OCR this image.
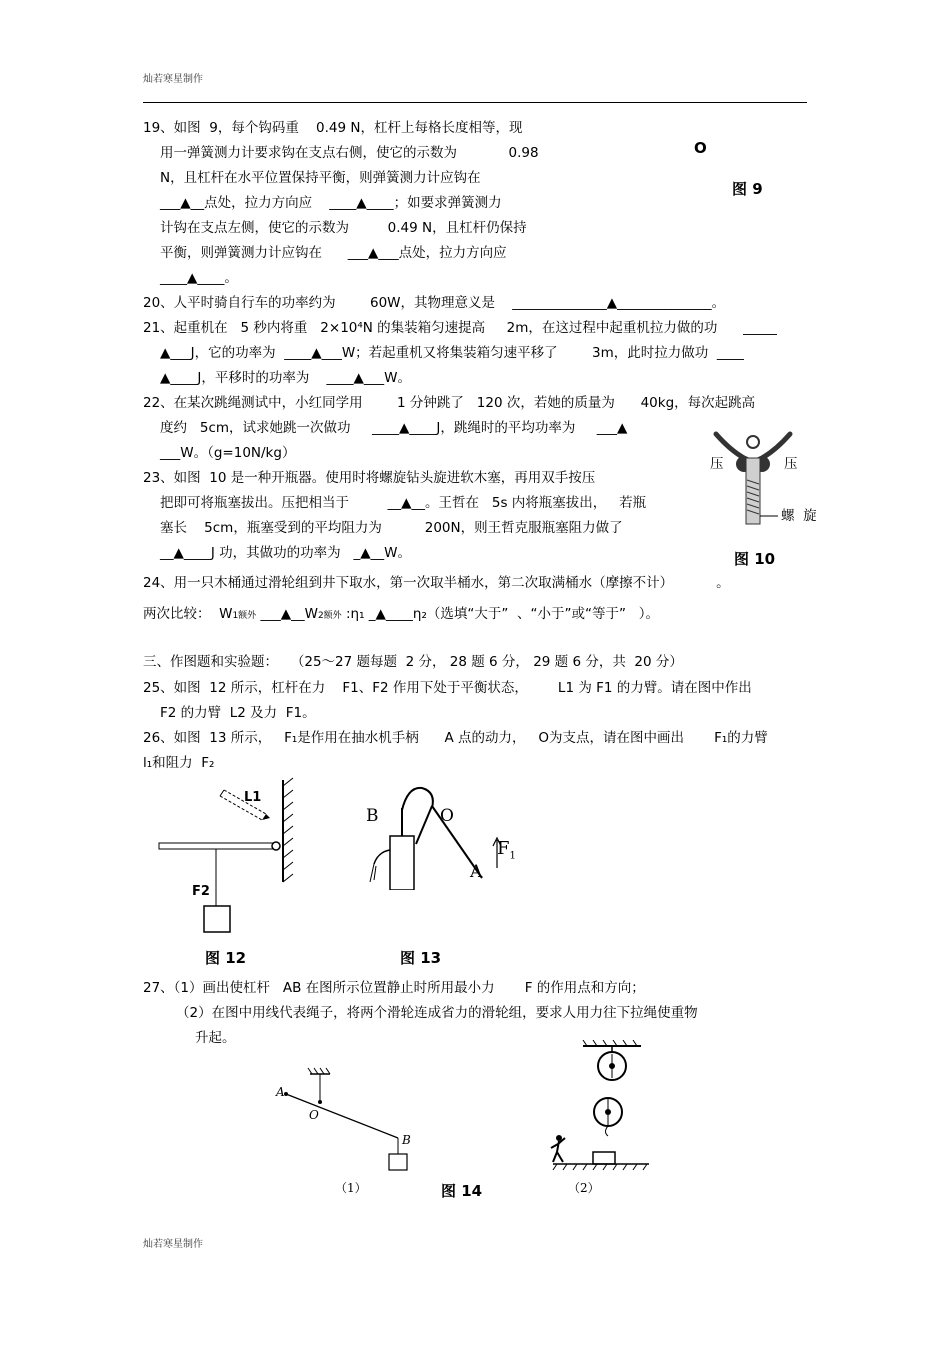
灿若寒星制作
19、如图  9，每个钩码重    0.49 N，杠杆上每格长度相等，现
用一弹簧测力计要求钩在支点右侧，使它的示数为            0.98
N，且杠杆在水平位置保持平衡，则弹簧测力计应钩在
___▲__点处，拉力方向应    ____▲____；如要求弹簧测力
计钩在支点左侧，使它的示数为         0.49 N，且杠杆仍保持
平衡，则弹簧测力计应钩在      ___▲___点处，拉力方向应
____▲____。
O
图 9
20、人平时骑自行车的功率约为        60W，其物理意义是    ______________▲______________。
21、起重机在   5 秒内将重   2×10⁴N 的集装箱匀速提高     2m，在这过程中起重机拉力做的功      _____
▲___J，它的功率为  ____▲___W；若起重机又将集装箱匀速平移了        3m，此时拉力做功  ____
▲____J，平移时的功率为    ____▲___W。
22、在某次跳绳测试中，小红同学用        1 分钟跳了   120 次，若她的质量为      40kg，每次起跳高
度约   5cm，试求她跳一次做功     ____▲____J，跳绳时的平均功率为     ___▲
___W。（g=10N/kg）
23、如图  10 是一种开瓶器。使用时将螺旋钻头旋进软木塞，再用双手按压
把即可将瓶塞拔出。压把相当于         __▲__。王哲在   5s 内将瓶塞拔出，   若瓶
塞长    5cm，瓶塞受到的平均阻力为          200N，则王哲克服瓶塞阻力做了
__▲____J 功，其做功的功率为   _▲__W。
压	压
螺  旋
图 10
24、用一只木桶通过滑轮组到井下取水，第一次取半桶水，第二次取满桶水（摩擦不计）          。
两次比较：  W1额外 ___▲__W2额外 :η₁ _▲____η₂（选填“大于”  、“小于”或“等于”   ）。
三、作图题和实验题：   （25～27 题每题  2 分， 28 题 6 分， 29 题 6 分，共  20 分）
25、如图  12 所示，杠杆在力    F1、F2 作用下处于平衡状态，       L1 为 F1 的力臂。请在图中作出
F2 的力臂  L2 及力  F1。
26、如图  13 所示，   F₁是作用在抽水机手柄      A 点的动力，   O为支点，请在图中画出       F₁的力臂
l₁和阻力  F₂
L1
F2
图 12
B	O
$F_1$
A
图 13
27、（1）画出使杠杆   AB 在图所示位置静止时所用最小力       F 的作用点和方向；
（2）在图中用线代表绳子，将两个滑轮连成省力的滑轮组，要求人用力往下拉绳使重物
升起。
A
O
B
（1）	图 14	（2）
灿若寒星制作
